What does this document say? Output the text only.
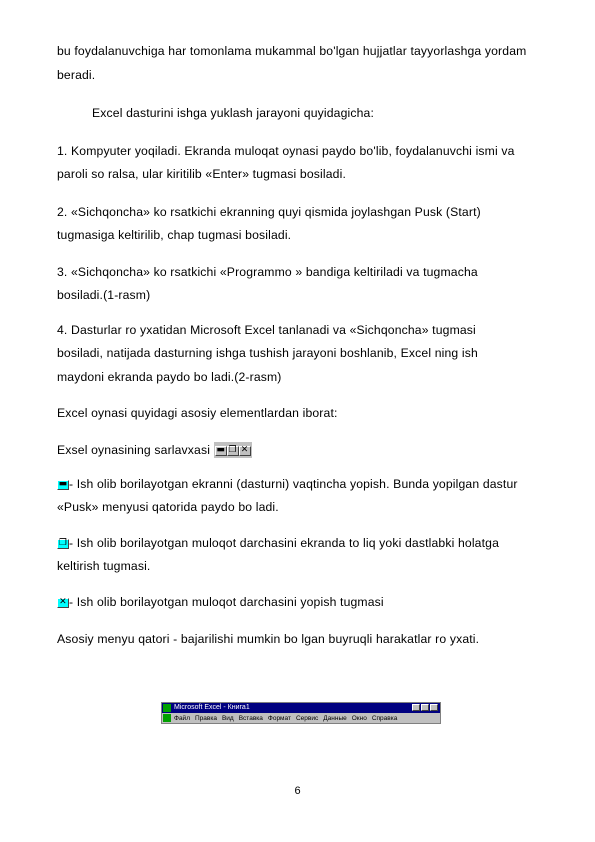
bu foydalanuvchiga har tomonlama mukammal bo'lgan hujjatlar tayyorlashga yordam
beradi.
Excel dasturini ishga yuklash jarayoni quyidagicha:
1. Kompyuter yoqiladi. Ekranda muloqat oynasi paydo bo'lib, foydalanuvchi ismi va
paroli so ralsa, ular kiritilib «Enter» tugmasi bosiladi.
2. «Sichqoncha» ko rsatkichi ekranning quyi qismida joylashgan Pusk (Start)
tugmasiga keltirilib, chap tugmasi bosiladi.
3. «Sichqoncha» ko rsatkichi «Programmo » bandiga keltiriladi va tugmacha
bosiladi.(1-rasm)
4. Dasturlar ro yxatidan Microsoft Excel tanlanadi va «Sichqoncha» tugmasi
bosiladi, natijada dasturning ishga tushish jarayoni boshlanib, Excel ning ish
maydoni ekranda paydo bo ladi.(2-rasm)
Excel oynasi quyidagi asosiy elementlardan iborat:
Exsel oynasining sarlavxasi ▬ ❐ ✕
▬ - Ish olib borilayotgan ekranni (dasturni) vaqtincha yopish. Bunda yopilgan dastur
«Pusk» menyusi qatorida paydo bo ladi.
❐ - Ish olib borilayotgan muloqot darchasini ekranda to liq yoki dastlabki holatga
keltirish tugmasi.
✕ - Ish olib borilayotgan muloqot darchasini yopish tugmasi
Asosiy menyu qatori - bajarilishi mumkin bo lgan buyruqli harakatlar ro yxati.
Microsoft Excel - Книга1
Файл Правка Вид Вставка Формат Сервис Данные Окно Справка
6
